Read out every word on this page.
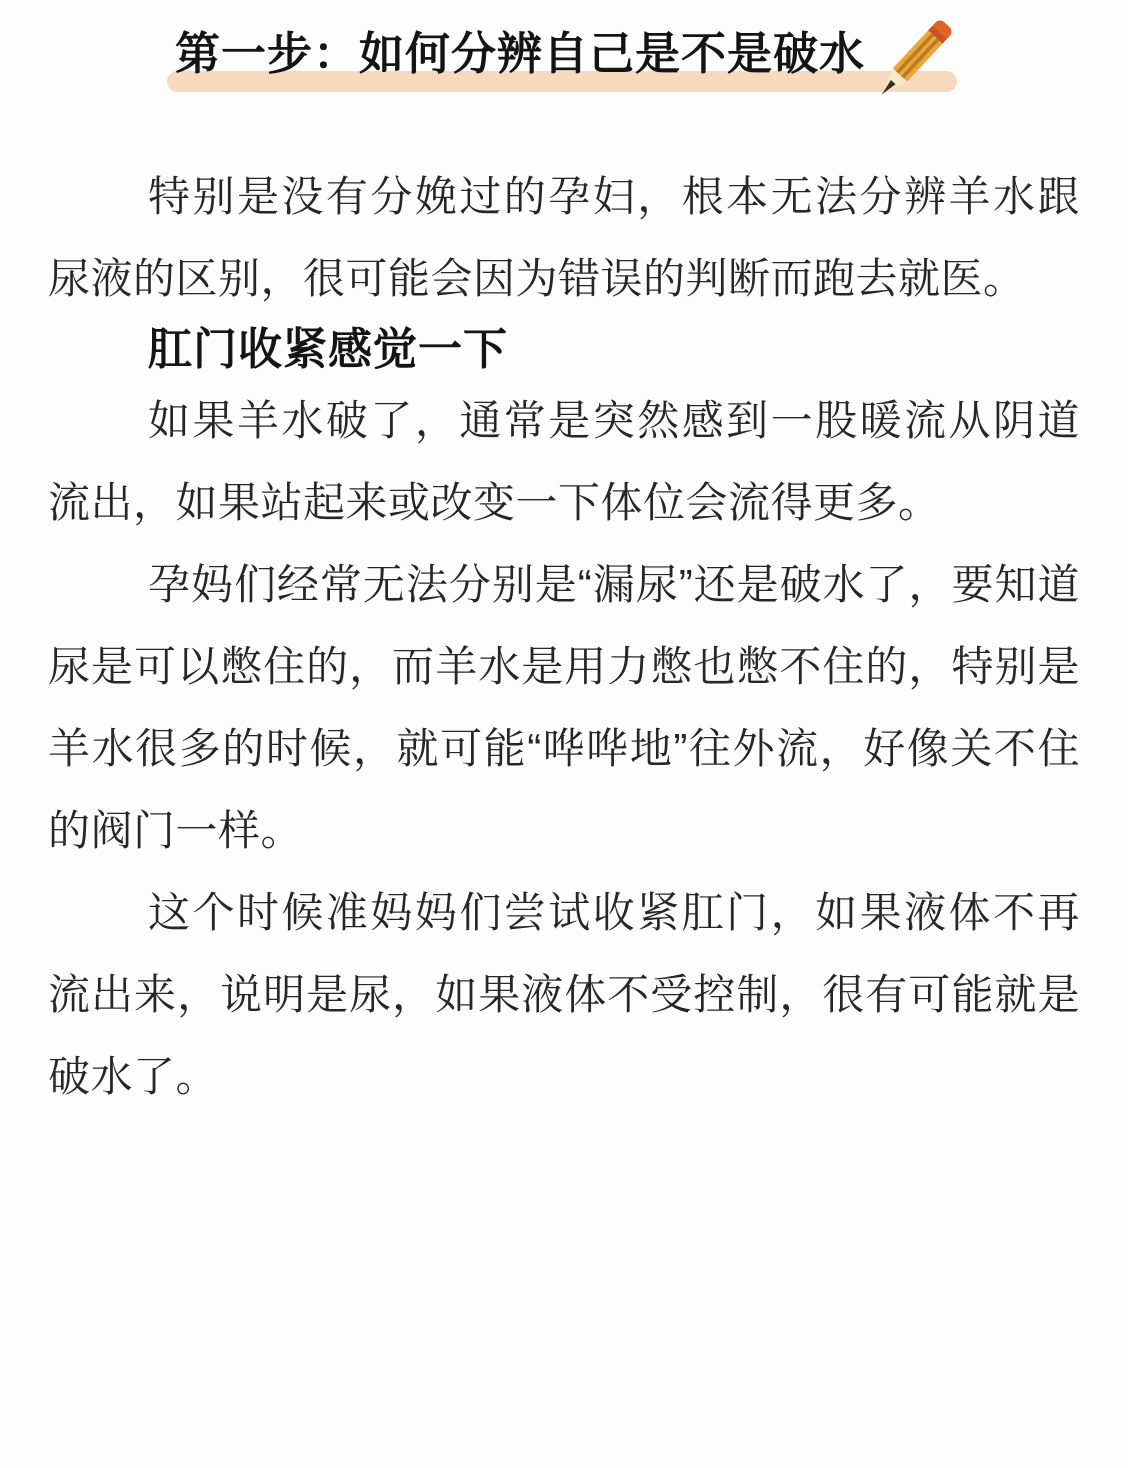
第一步：如何分辨自己是不是破水

特别是没有分娩过的孕妇，根本无法分辨羊水跟尿液的区别，很可能会因为错误的判断而跑去就医。

肛门收紧感觉一下

如果羊水破了，通常是突然感到一股暖流从阴道流出，如果站起来或改变一下体位会流得更多。

孕妈们经常无法分别是“漏尿”还是破水了，要知道尿是可以憋住的，而羊水是用力憋也憋不住的，特别是羊水很多的时候，就可能“哗哗地”往外流，好像关不住的阀门一样。

这个时候准妈妈们尝试收紧肛门，如果液体不再流出来，说明是尿，如果液体不受控制，很有可能就是破水了。
